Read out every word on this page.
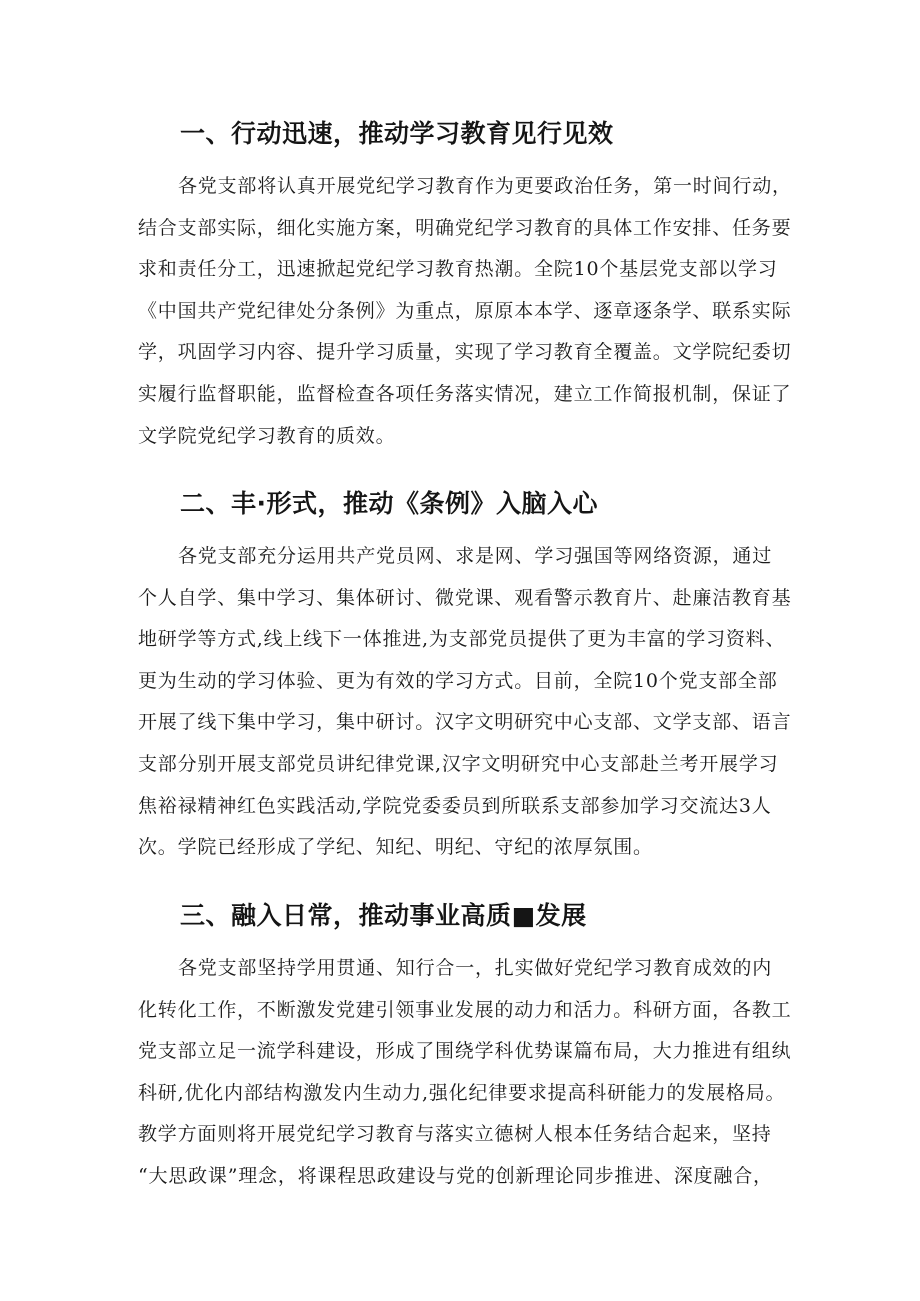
一、行动迅速，推动学习教育见行见效
各党支部将认真开展党纪学习教育作为更要政治任务，第一时间行动，
结合支部实际，细化实施方案，明确党纪学习教育的具体工作安排、任务要
求和责任分工，迅速掀起党纪学习教育热潮。全院10个基层党支部以学习
《中国共产党纪律处分条例》为重点，原原本本学、逐章逐条学、联系实际
学，巩固学习内容、提升学习质量，实现了学习教育全覆盖。文学院纪委切
实履行监督职能，监督检查各项任务落实情况，建立工作简报机制，保证了
文学院党纪学习教育的质效。
二、丰·形式，推动《条例》入脑入心
各党支部充分运用共产党员网、求是网、学习强国等网络资源，通过
个人自学、集中学习、集体研讨、微党课、观看警示教育片、赴廉洁教育基
地研学等方式,线上线下一体推进,为支部党员提供了更为丰富的学习资料、
更为生动的学习体验、更为有效的学习方式。目前，全院10个党支部全部
开展了线下集中学习，集中研讨。汉字文明研究中心支部、文学支部、语言
支部分别开展支部党员讲纪律党课,汉字文明研究中心支部赴兰考开展学习
焦裕禄精神红色实践活动,学院党委委员到所联系支部参加学习交流达3人
次。学院已经形成了学纪、知纪、明纪、守纪的浓厚氛围。
三、融入日常，推动事业高质■发展
各党支部坚持学用贯通、知行合一，扎实做好党纪学习教育成效的内
化转化工作，不断激发党建引领事业发展的动力和活力。科研方面，各教工
党支部立足一流学科建设，形成了围绕学科优势谋篇布局，大力推进有组纨
科研,优化内部结构激发内生动力,强化纪律要求提高科研能力的发展格局。
教学方面则将开展党纪学习教育与落实立德树人根本任务结合起来，坚持
“大思政课”理念，将课程思政建设与党的创新理论同步推进、深度融合，
